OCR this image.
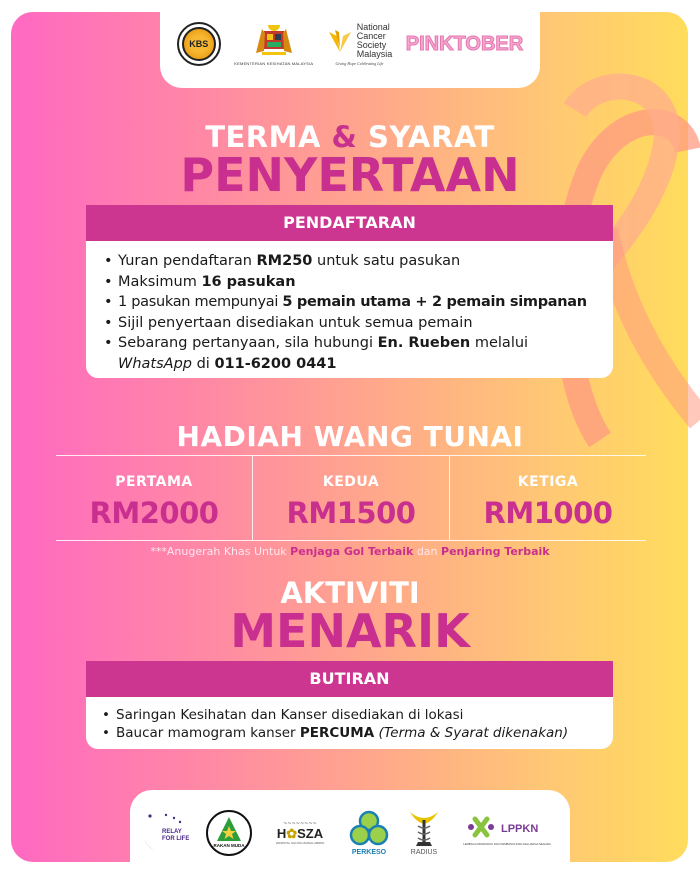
KBS
KEMENTERIAN KESIHATAN MALAYSIA
National
Cancer
Society
Malaysia
Giving Hope Celebrating Life
PINKTOBER
TERMA & SYARAT
PENYERTAAN
PENDAFTARAN
• Yuran pendaftaran RM250 untuk satu pasukan
• Maksimum 16 pasukan
• 1 pasukan mempunyai 5 pemain utama + 2 pemain simpanan
• Sijil penyertaan disediakan untuk semua pemain
• Sebarang pertanyaan, sila hubungi En. Rueben melalui
WhatsApp di 011-6200 0441
HADIAH WANG TUNAI
PERTAMA
RM2000
KEDUA
RM1500
KETIGA
RM1000
***Anugerah Khas Untuk Penjaga Gol Terbaik dan Penjaring Terbaik
AKTIVITI
MENARIK
BUTIRAN
• Saringan Kesihatan dan Kanser disediakan di lokasi
• Baucar mamogram kanser PERCUMA (Terma & Syarat dikenakan)
RELAY
FOR LIFE
RAKAN MUDA
~~~~~~~~
H✿SZA
HOSPITAL SULTAN ZAINAL ABIDIN
PERKESO	RADIUS
LPPKN
LEMBAGA PENDUDUK DAN PEMBANGUNAN KELUARGA NEGARA
